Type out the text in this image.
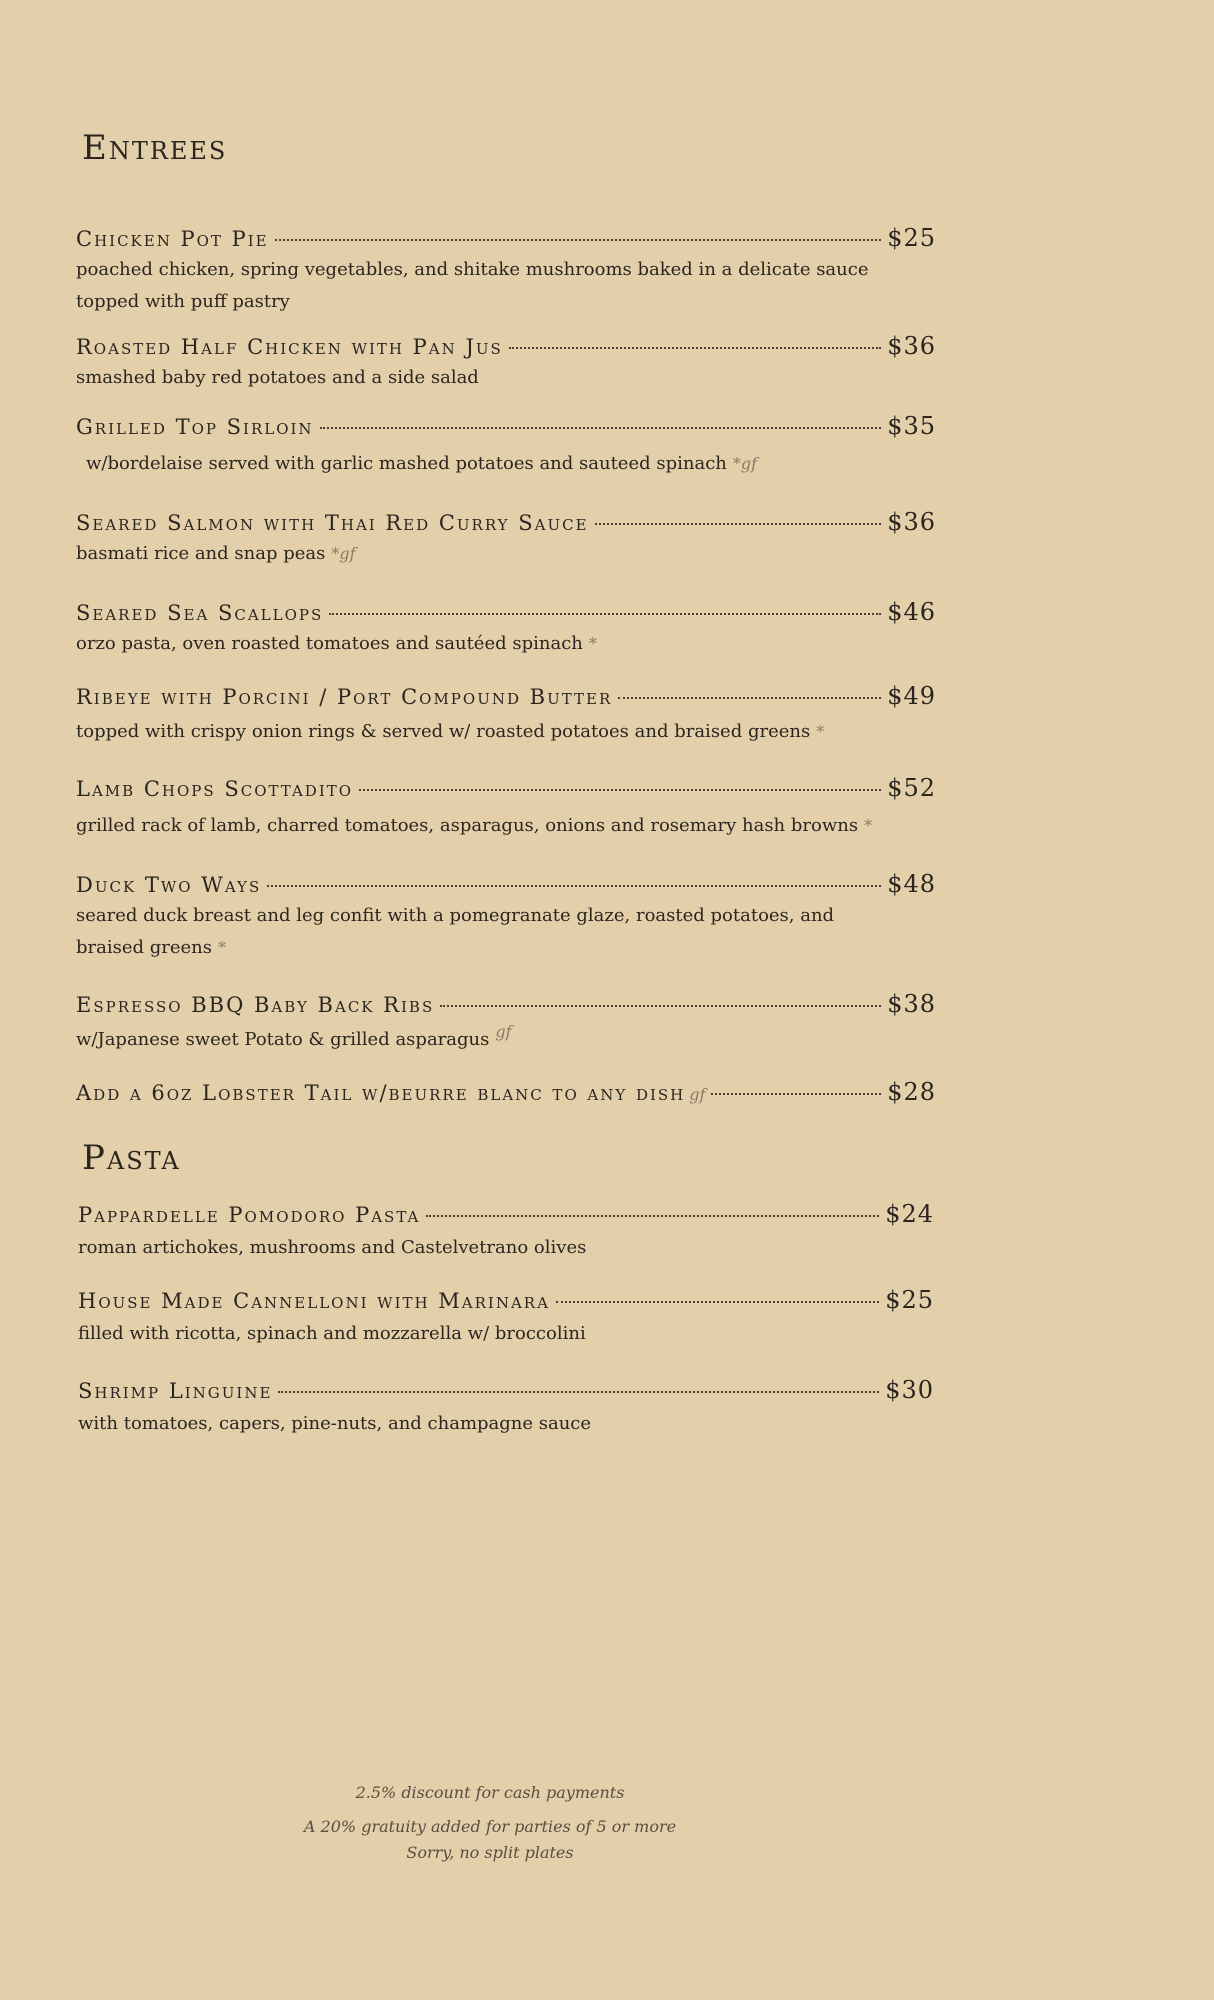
Entrees
Chicken Pot Pie	$25
poached chicken, spring vegetables, and shitake mushrooms baked in a delicate sauce topped with puff pastry
Roasted Half Chicken with Pan Jus	$36
smashed baby red potatoes and a side salad
Grilled Top Sirloin	$35
w/bordelaise served with garlic mashed potatoes and sauteed spinach *gf
Seared Salmon with Thai Red Curry Sauce	$36
basmati rice and snap peas *gf
Seared Sea Scallops	$46
orzo pasta, oven roasted tomatoes and sautéed spinach *
Ribeye with Porcini / Port Compound Butter	$49
topped with crispy onion rings & served w/ roasted potatoes and braised greens *
Lamb Chops Scottadito	$52
grilled rack of lamb, charred tomatoes, asparagus, onions and rosemary hash browns *
Duck Two Ways	$48
seared duck breast and leg confit with a pomegranate glaze, roasted potatoes, and braised greens *
Espresso BBQ Baby Back Ribs	$38
w/Japanese sweet Potato & grilled asparagus gf
Add a 6oz Lobster Tail w/beurre blanc to any dish gf	$28
Pasta
Pappardelle Pomodoro Pasta	$24
roman artichokes, mushrooms and Castelvetrano olives
House Made Cannelloni with Marinara	$25
filled with ricotta, spinach and mozzarella w/ broccolini
Shrimp Linguine	$30
with tomatoes, capers, pine-nuts, and champagne sauce
2.5% discount for cash payments
A 20% gratuity added for parties of 5 or more
Sorry, no split plates
